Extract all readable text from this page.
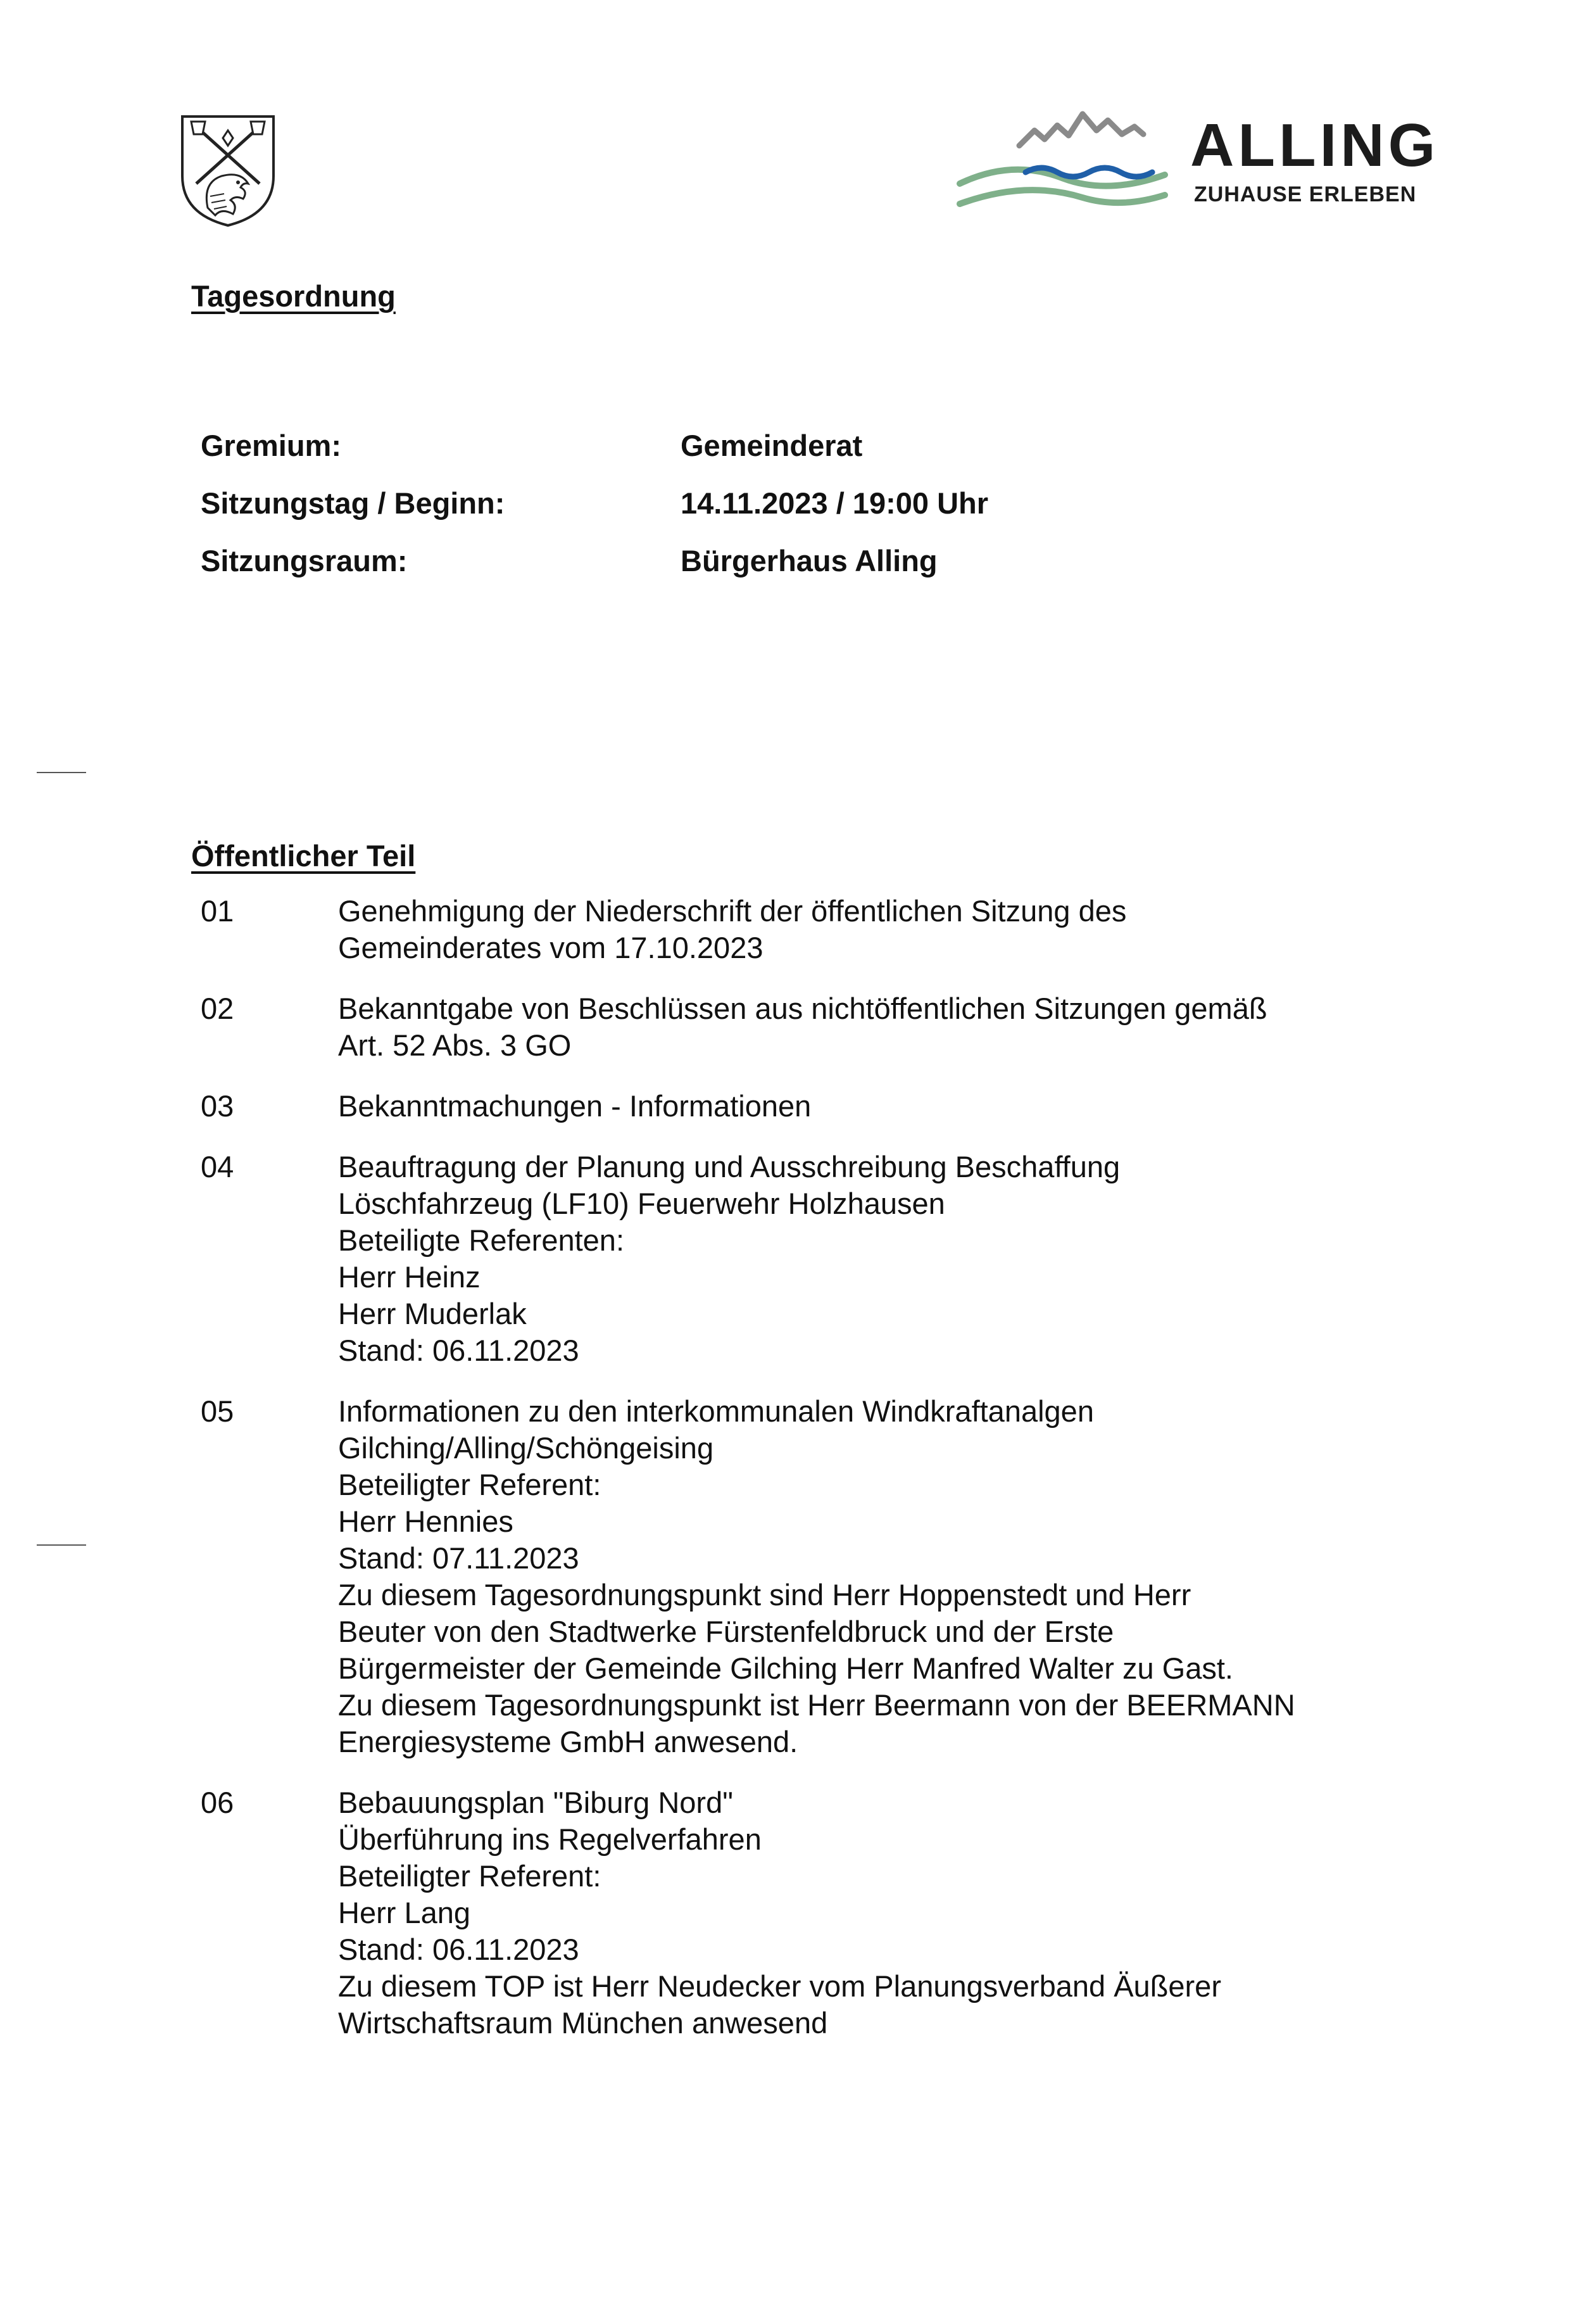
ALLING
ZUHAUSE ERLEBEN
Tagesordnung
Gremium:	Gemeinderat
Sitzungstag / Beginn:	14.11.2023 / 19:00 Uhr
Sitzungsraum:	Bürgerhaus Alling
Öffentlicher Teil
01	Genehmigung der Niederschrift der öffentlichen Sitzung des
Gemeinderates vom 17.10.2023
02	Bekanntgabe von Beschlüssen aus nichtöffentlichen Sitzungen gemäß
Art. 52 Abs. 3 GO
03	Bekanntmachungen - Informationen
04	Beauftragung der Planung und Ausschreibung Beschaffung
Löschfahrzeug (LF10) Feuerwehr Holzhausen
Beteiligte Referenten:
Herr Heinz
Herr Muderlak
Stand: 06.11.2023
05	Informationen zu den interkommunalen Windkraftanalgen
Gilching/Alling/Schöngeising
Beteiligter Referent:
Herr Hennies
Stand: 07.11.2023
Zu diesem Tagesordnungspunkt sind Herr Hoppenstedt und Herr
Beuter von den Stadtwerke Fürstenfeldbruck und der Erste
Bürgermeister der Gemeinde Gilching Herr Manfred Walter zu Gast.
Zu diesem Tagesordnungspunkt ist Herr Beermann von der BEERMANN
Energiesysteme GmbH anwesend.
06	Bebauungsplan "Biburg Nord"
Überführung ins Regelverfahren
Beteiligter Referent:
Herr Lang
Stand: 06.11.2023
Zu diesem TOP ist Herr Neudecker vom Planungsverband Äußerer
Wirtschaftsraum München anwesend
